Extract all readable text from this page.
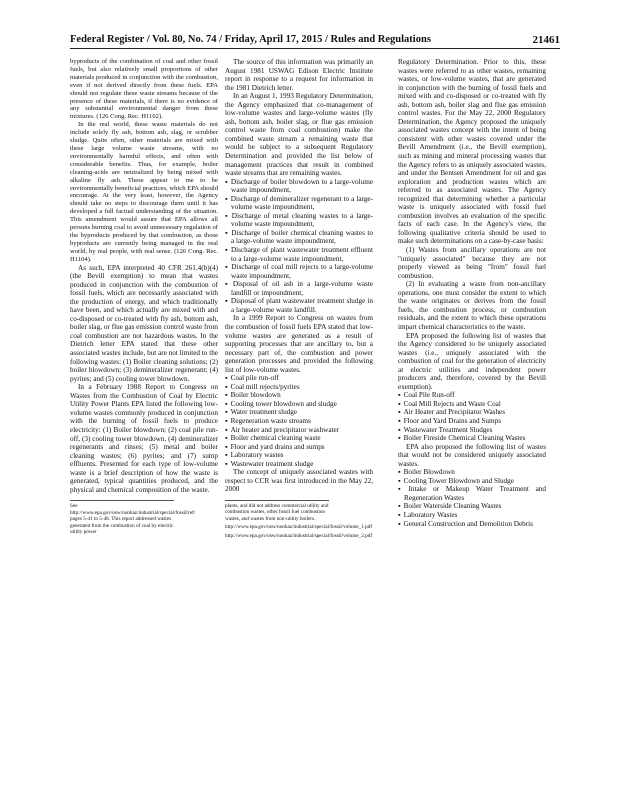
Federal Register / Vol. 80, No. 74 / Friday, April 17, 2015 / Rules and Regulations	21461

byproducts of the combination of coal and other fossil fuels, but also relatively small proportions of other materials produced in conjunction with the combustion, even if not derived directly from these fuels. EPA should not regulate these waste streams because of the presence of these materials, if there is no evidence of any substantial environmental danger from these mixtures. (126 Cong. Rec. H1102).

In the real world, these waste materials do not include solely fly ash, bottom ash, slag, or scrubber sludge. Quite often, other materials are mixed with these large volume waste streams, with no environmentally harmful effects, and often with considerable benefits. Thus, for example, boiler cleaning-acids are neutralized by being mixed with alkaline fly ash. These appear to me to be environmentally beneficial practices, which EPA should encourage. At the very least, however, the Agency should take no steps to discourage them until it has developed a full factual understanding of the situation. This amendment would assure that EPA allows all persons burning coal to avoid unnecessary regulation of the byproducts produced by that combustion, as those byproducts are currently being managed in the real world, by real people, with real sense. (126 Cong. Rec. H1104).

As such, EPA interpreted 40 CFR 261.4(b)(4) (the Bevill exemption) to mean that wastes produced in conjunction with the combustion of fossil fuels, which are necessarily associated with the production of energy, and which traditionally have been, and which actually are mixed with and co-disposed or co-treated with fly ash, bottom ash, boiler slag, or flue gas emission control waste from coal combustion are not hazardous wastes. In the Dietrich letter EPA stated that these other associated wastes include, but are not limited to the following wastes: (1) Boiler cleaning solutions; (2) boiler blowdown; (3) demineralizer regenerant; (4) pyrites; and (5) cooling tower blowdown.

In a February 1988 Report to Congress on Wastes from the Combustion of Coal by Electric Utility Power Plants EPA listed the following low-volume wastes commonly produced in conjunction with the burning of fossil fuels to produce electricity: (1) Boiler blowdown; (2) coal pile run-off, (3) cooling tower blowdown, (4) demineralizer regenerants and rinses; (5) metal and boiler cleaning wastes; (6) pyrites; and (7) sump effluents. Presented for each type of low-volume waste is a brief description of how the waste is generated, typical quantities produced, and the physical and chemical composition of the waste.

See http://www.epa.gov/osw/nonhaz/industrial/special/fossil/ref/ pages 5-41 to 5-48. This report addressed wastes generated from the combustion of coal by electric utility power

The source of this information was primarily an August 1981 USWAG Edison Electric Institute report in response to a request for information in the 1981 Dietrich letter.

In an August 1, 1993 Regulatory Determination, the Agency emphasized that co-management of low-volume wastes and large-volume wastes (fly ash, bottom ash, boiler slag, or flue gas emission control waste from coal combustion) make the combined waste stream a remaining waste that would be subject to a subsequent Regulatory Determination and provided the list below of management practices that result in combined waste streams that are remaining wastes.

▪ Discharge of boiler blowdown to a large-volume waste impoundment,
▪ Discharge of demineralizer regenerant to a large-volume waste impoundment,
▪ Discharge of metal cleaning wastes to a large-volume waste impoundment,
▪ Discharge of boiler chemical cleaning wastes to a large-volume waste impoundment,
▪ Discharge of plant wastewater treatment effluent to a large-volume waste impoundment,
▪ Discharge of coal mill rejects to a large-volume waste impoundment,
▪ Disposal of oil ash in a large-volume waste landfill or impoundment,
▪ Disposal of plant wastewater treatment sludge in a large-volume waste landfill.

In a 1999 Report to Congress on wastes from the combustion of fossil fuels EPA stated that low-volume wastes are generated as a result of supporting processes that are ancillary to, but a necessary part of, the combustion and power generation processes and provided the following list of low-volume wastes.

▪ Coal pile run-off
▪ Coal mill rejects/pyrites
▪ Boiler blowdown
▪ Cooling tower blowdown and sludge
▪ Water treatment sludge
▪ Regeneration waste streams
▪ Air heater and precipitator washwater
▪ Boiler chemical cleaning waste
▪ Floor and yard drains and sumps
▪ Laboratory wastes
▪ Wastewater treatment sludge

The concept of uniquely associated wastes with respect to CCR was first introduced in the May 22, 2000

plants, and did not address commercial utility and combustion wastes, other fossil fuel combustion wastes, and wastes from non-utility boilers.
http://www.epa.gov/osw/nonhaz/industrial/special/fossil/volume_1.pdf
http://www.epa.gov/osw/nonhaz/industrial/special/fossil/volume_2.pdf

Regulatory Determination. Prior to this, these wastes were referred to as other wastes, remaining wastes, or low-volume wastes, that are generated in conjunction with the burning of fossil fuels and mixed with and co-disposed or co-treated with fly ash, bottom ash, boiler slag and flue gas emission control wastes. For the May 22, 2000 Regulatory Determination, the Agency proposed the uniquely associated wastes concept with the intent of being consistent with other wastes covered under the Bevill Amendment (i.e., the Bevill exemption), such as mining and mineral processing wastes that the Agency refers to as uniquely associated wastes, and under the Bentsen Amendment for oil and gas exploration and production wastes which are referred to as associated wastes. The Agency recognized that determining whether a particular waste is uniquely associated with fossil fuel combustion involves an evaluation of the specific facts of each case. In the Agency's view, the following qualitative criteria should be used to make such determinations on a case-by-case basis:

(1) Wastes from ancillary operations are not "uniquely associated" because they are not properly viewed as being "from" fossil fuel combustion.

(2) In evaluating a waste from non-ancillary operations, one must consider the extent to which the waste originates or derives from the fossil fuels, the combustion process, or combustion residuals, and the extent to which these operations impart chemical characteristics to the waste.

EPA proposed the following list of wastes that the Agency considered to be uniquely associated wastes (i.e., uniquely associated with the combustion of coal for the generation of electricity at electric utilities and independent power producers and, therefore, covered by the Bevill exemption).

▪ Coal Pile Run-off
▪ Coal Mill Rejects and Waste Coal
▪ Air Heater and Precipitator Washes
▪ Floor and Yard Drains and Sumps
▪ Wastewater Treatment Sludges
▪ Boiler Fireside Chemical Cleaning Wastes

EPA also proposed the following list of wastes that would not be considered uniquely associated wastes.

▪ Boiler Blowdown
▪ Cooling Tower Blowdown and Sludge
▪ Intake or Makeup Water Treatment and Regeneration Wastes
▪ Boiler Waterside Cleaning Wastes
▪ Laboratory Wastes
▪ General Construction and Demolition Debris
